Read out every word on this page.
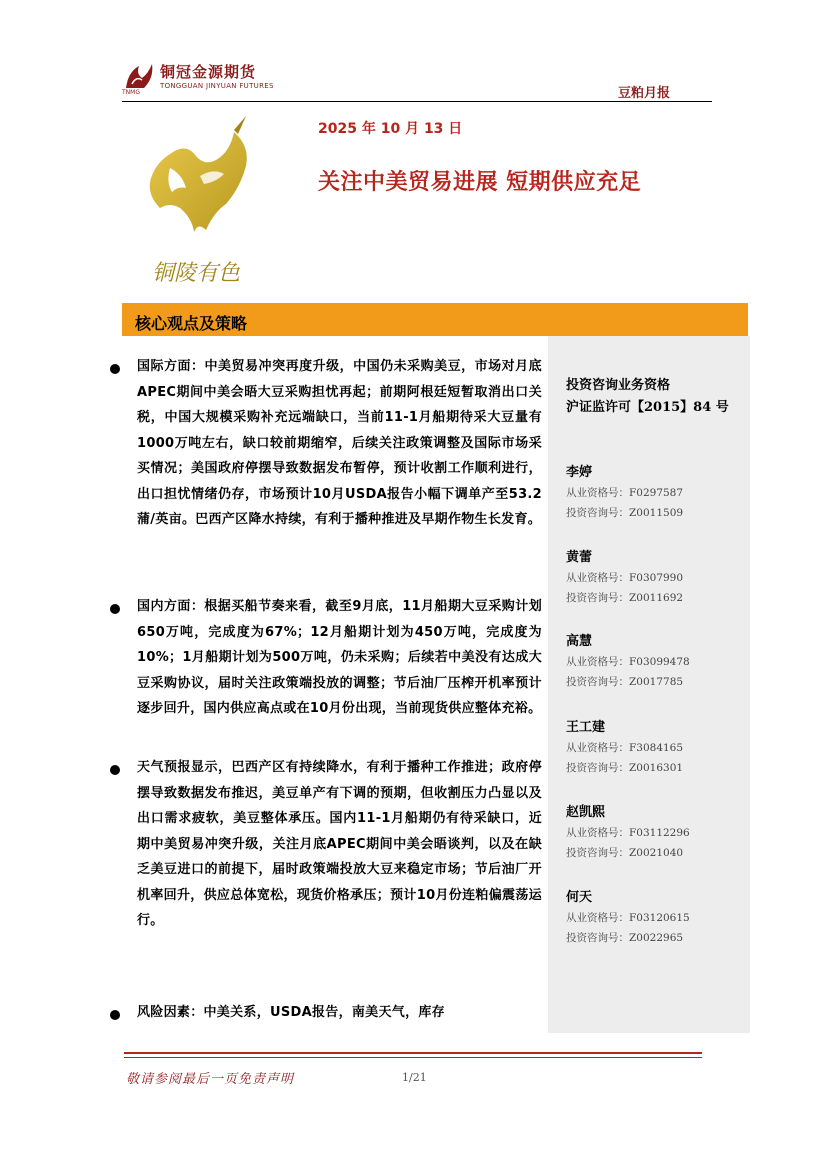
铜冠金源期货
TONGGUAN JINYUAN FUTURES
TNMG	豆粕月报
铜陵有色
2025 年 10 月 13 日
关注中美贸易进展 短期供应充足
核心观点及策略
投资咨询业务资格
沪证监许可【2015】84 号
李婷
从业资格号：F0297587
投资咨询号：Z0011509
黄蕾
从业资格号：F0307990
投资咨询号：Z0011692
高慧
从业资格号：F03099478
投资咨询号：Z0017785
王工建
从业资格号：F3084165
投资咨询号：Z0016301
赵凯熙
从业资格号：F03112296
投资咨询号：Z0021040
何天
从业资格号：F03120615
投资咨询号：Z0022965
国际方面：中美贸易冲突再度升级，中国仍未采购美豆，市场对月底APEC期间中美会晤大豆采购担忧再起；前期阿根廷短暂取消出口关税，中国大规模采购补充远端缺口，当前11-1月船期待采大豆量有1000万吨左右，缺口较前期缩窄，后续关注政策调整及国际市场采买情况；美国政府停摆导致数据发布暂停，预计收割工作顺利进行，出口担忧情绪仍存，市场预计10月USDA报告小幅下调单产至53.2蒲/英亩。巴西产区降水持续，有利于播种推进及早期作物生长发育。
国内方面：根据买船节奏来看，截至9月底，11月船期大豆采购计划650万吨，完成度为67%；12月船期计划为450万吨，完成度为10%；1月船期计划为500万吨，仍未采购；后续若中美没有达成大豆采购协议，届时关注政策端投放的调整；节后油厂压榨开机率预计逐步回升，国内供应高点或在10月份出现，当前现货供应整体充裕。
天气预报显示，巴西产区有持续降水，有利于播种工作推进；政府停摆导致数据发布推迟，美豆单产有下调的预期，但收割压力凸显以及出口需求疲软，美豆整体承压。国内11-1月船期仍有待采缺口，近期中美贸易冲突升级，关注月底APEC期间中美会晤谈判，以及在缺乏美豆进口的前提下，届时政策端投放大豆来稳定市场；节后油厂开机率回升，供应总体宽松，现货价格承压；预计10月份连粕偏震荡运行。
风险因素：中美关系，USDA报告，南美天气，库存
敬请参阅最后一页免责声明	1/21
